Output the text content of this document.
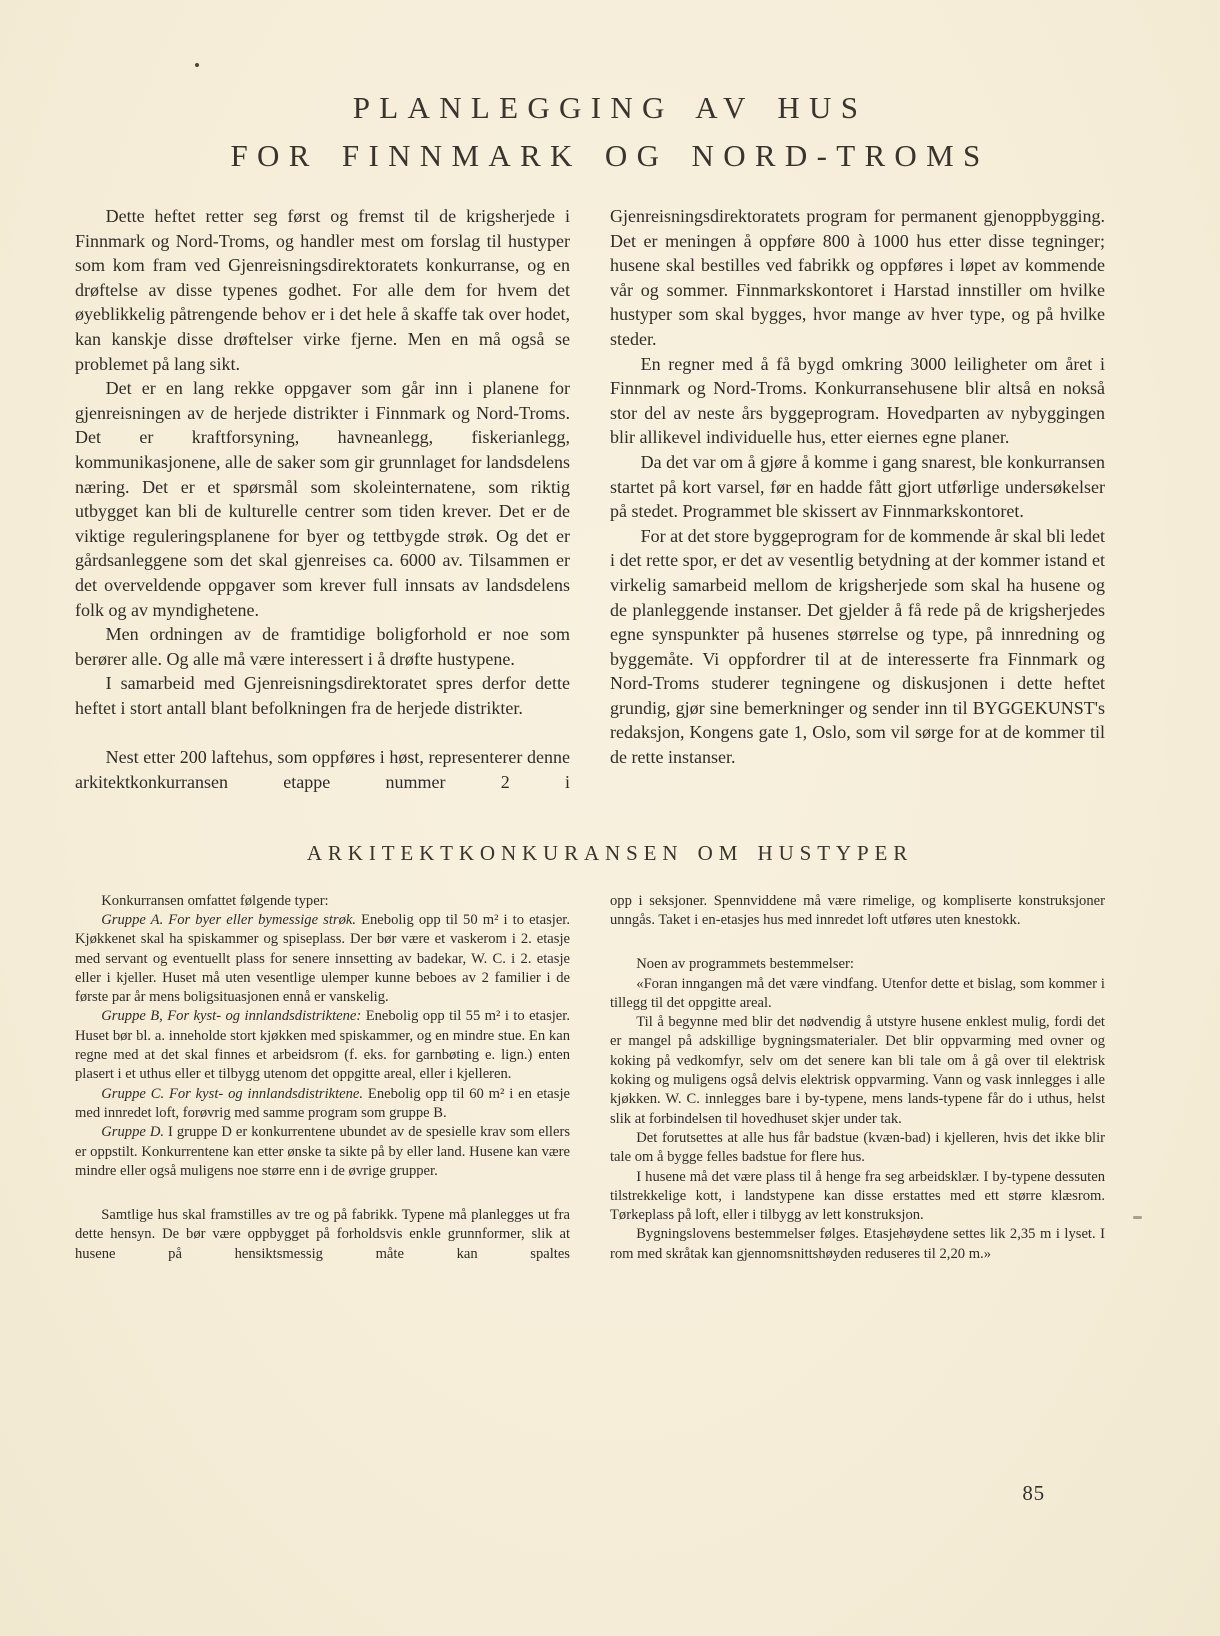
PLANLEGGING AV HUS
FOR FINNMARK OG NORD-TROMS

Dette heftet retter seg først og fremst til de krigsherjede i Finnmark og Nord-Troms, og handler mest om forslag til hustyper som kom fram ved Gjenreisningsdirektoratets konkurranse, og en drøftelse av disse typenes godhet. For alle dem for hvem det øyeblikkelig påtrengende behov er i det hele å skaffe tak over hodet, kan kanskje disse drøftelser virke fjerne. Men en må også se problemet på lang sikt.

Det er en lang rekke oppgaver som går inn i planene for gjenreisningen av de herjede distrikter i Finnmark og Nord-Troms. Det er kraftforsyning, havneanlegg, fiskerianlegg, kommunikasjonene, alle de saker som gir grunnlaget for landsdelens næring. Det er et spørsmål som skoleinternatene, som riktig utbygget kan bli de kulturelle centrer som tiden krever. Det er de viktige reguleringsplanene for byer og tettbygde strøk. Og det er gårdsanleggene som det skal gjenreises ca. 6000 av. Tilsammen er det overveldende oppgaver som krever full innsats av landsdelens folk og av myndighetene.

Men ordningen av de framtidige boligforhold er noe som berører alle. Og alle må være interessert i å drøfte hustypene.

I samarbeid med Gjenreisningsdirektoratet spres derfor dette heftet i stort antall blant befolkningen fra de herjede distrikter.

Nest etter 200 laftehus, som oppføres i høst, representerer denne arkitektkonkurransen etappe nummer 2 i

Gjenreisningsdirektoratets program for permanent gjenoppbygging. Det er meningen å oppføre 800 à 1000 hus etter disse tegninger; husene skal bestilles ved fabrikk og oppføres i løpet av kommende vår og sommer. Finnmarkskontoret i Harstad innstiller om hvilke hustyper som skal bygges, hvor mange av hver type, og på hvilke steder.

En regner med å få bygd omkring 3000 leiligheter om året i Finnmark og Nord-Troms. Konkurransehusene blir altså en nokså stor del av neste års byggeprogram. Hovedparten av nybyggingen blir allikevel individuelle hus, etter eiernes egne planer.

Da det var om å gjøre å komme i gang snarest, ble konkurransen startet på kort varsel, før en hadde fått gjort utførlige undersøkelser på stedet. Programmet ble skissert av Finnmarkskontoret.

For at det store byggeprogram for de kommende år skal bli ledet i det rette spor, er det av vesentlig betydning at der kommer istand et virkelig samarbeid mellom de krigsherjede som skal ha husene og de planleggende instanser. Det gjelder å få rede på de krigsherjedes egne synspunkter på husenes størrelse og type, på innredning og byggemåte. Vi oppfordrer til at de interesserte fra Finnmark og Nord-Troms studerer tegningene og diskusjonen i dette heftet grundig, gjør sine bemerkninger og sender inn til BYGGEKUNST's redaksjon, Kongens gate 1, Oslo, som vil sørge for at de kommer til de rette instanser.

ARKITEKTKONKURANSEN OM HUSTYPER

Konkurransen omfattet følgende typer:

Gruppe A. For byer eller bymessige strøk. Enebolig opp til 50 m² i to etasjer. Kjøkkenet skal ha spiskammer og spiseplass. Der bør være et vaskerom i 2. etasje med servant og eventuellt plass for senere innsetting av badekar, W. C. i 2. etasje eller i kjeller. Huset må uten vesentlige ulemper kunne beboes av 2 familier i de første par år mens boligsituasjonen ennå er vanskelig.

Gruppe B, For kyst- og innlandsdistriktene: Enebolig opp til 55 m² i to etasjer. Huset bør bl. a. inneholde stort kjøkken med spiskammer, og en mindre stue. En kan regne med at det skal finnes et arbeidsrom (f. eks. for garnbøting e. lign.) enten plasert i et uthus eller et tilbygg utenom det oppgitte areal, eller i kjelleren.

Gruppe C. For kyst- og innlandsdistriktene. Enebolig opp til 60 m² i en etasje med innredet loft, forøvrig med samme program som gruppe B.

Gruppe D. I gruppe D er konkurrentene ubundet av de spesielle krav som ellers er oppstilt. Konkurrentene kan etter ønske ta sikte på by eller land. Husene kan være mindre eller også muligens noe større enn i de øvrige grupper.

Samtlige hus skal framstilles av tre og på fabrikk. Typene må planlegges ut fra dette hensyn. De bør være oppbygget på forholdsvis enkle grunnformer, slik at husene på hensiktsmessig måte kan spaltes

opp i seksjoner. Spennviddene må være rimelige, og kompliserte konstruksjoner unngås. Taket i en-etasjes hus med innredet loft utføres uten knestokk.

Noen av programmets bestemmelser:

«Foran inngangen må det være vindfang. Utenfor dette et bislag, som kommer i tillegg til det oppgitte areal.

Til å begynne med blir det nødvendig å utstyre husene enklest mulig, fordi det er mangel på adskillige bygningsmaterialer. Det blir oppvarming med ovner og koking på vedkomfyr, selv om det senere kan bli tale om å gå over til elektrisk koking og muligens også delvis elektrisk oppvarming. Vann og vask innlegges i alle kjøkken. W. C. innlegges bare i by-typene, mens lands-typene får do i uthus, helst slik at forbindelsen til hovedhuset skjer under tak.

Det forutsettes at alle hus får badstue (kvæn-bad) i kjelleren, hvis det ikke blir tale om å bygge felles badstue for flere hus.

I husene må det være plass til å henge fra seg arbeidsklær. I by-typene dessuten tilstrekkelige kott, i landstypene kan disse erstattes med ett større klæsrom. Tørkeplass på loft, eller i tilbygg av lett konstruksjon.

Bygningslovens bestemmelser følges. Etasjehøydene settes lik 2,35 m i lyset. I rom med skråtak kan gjennomsnittshøyden reduseres til 2,20 m.»

85
